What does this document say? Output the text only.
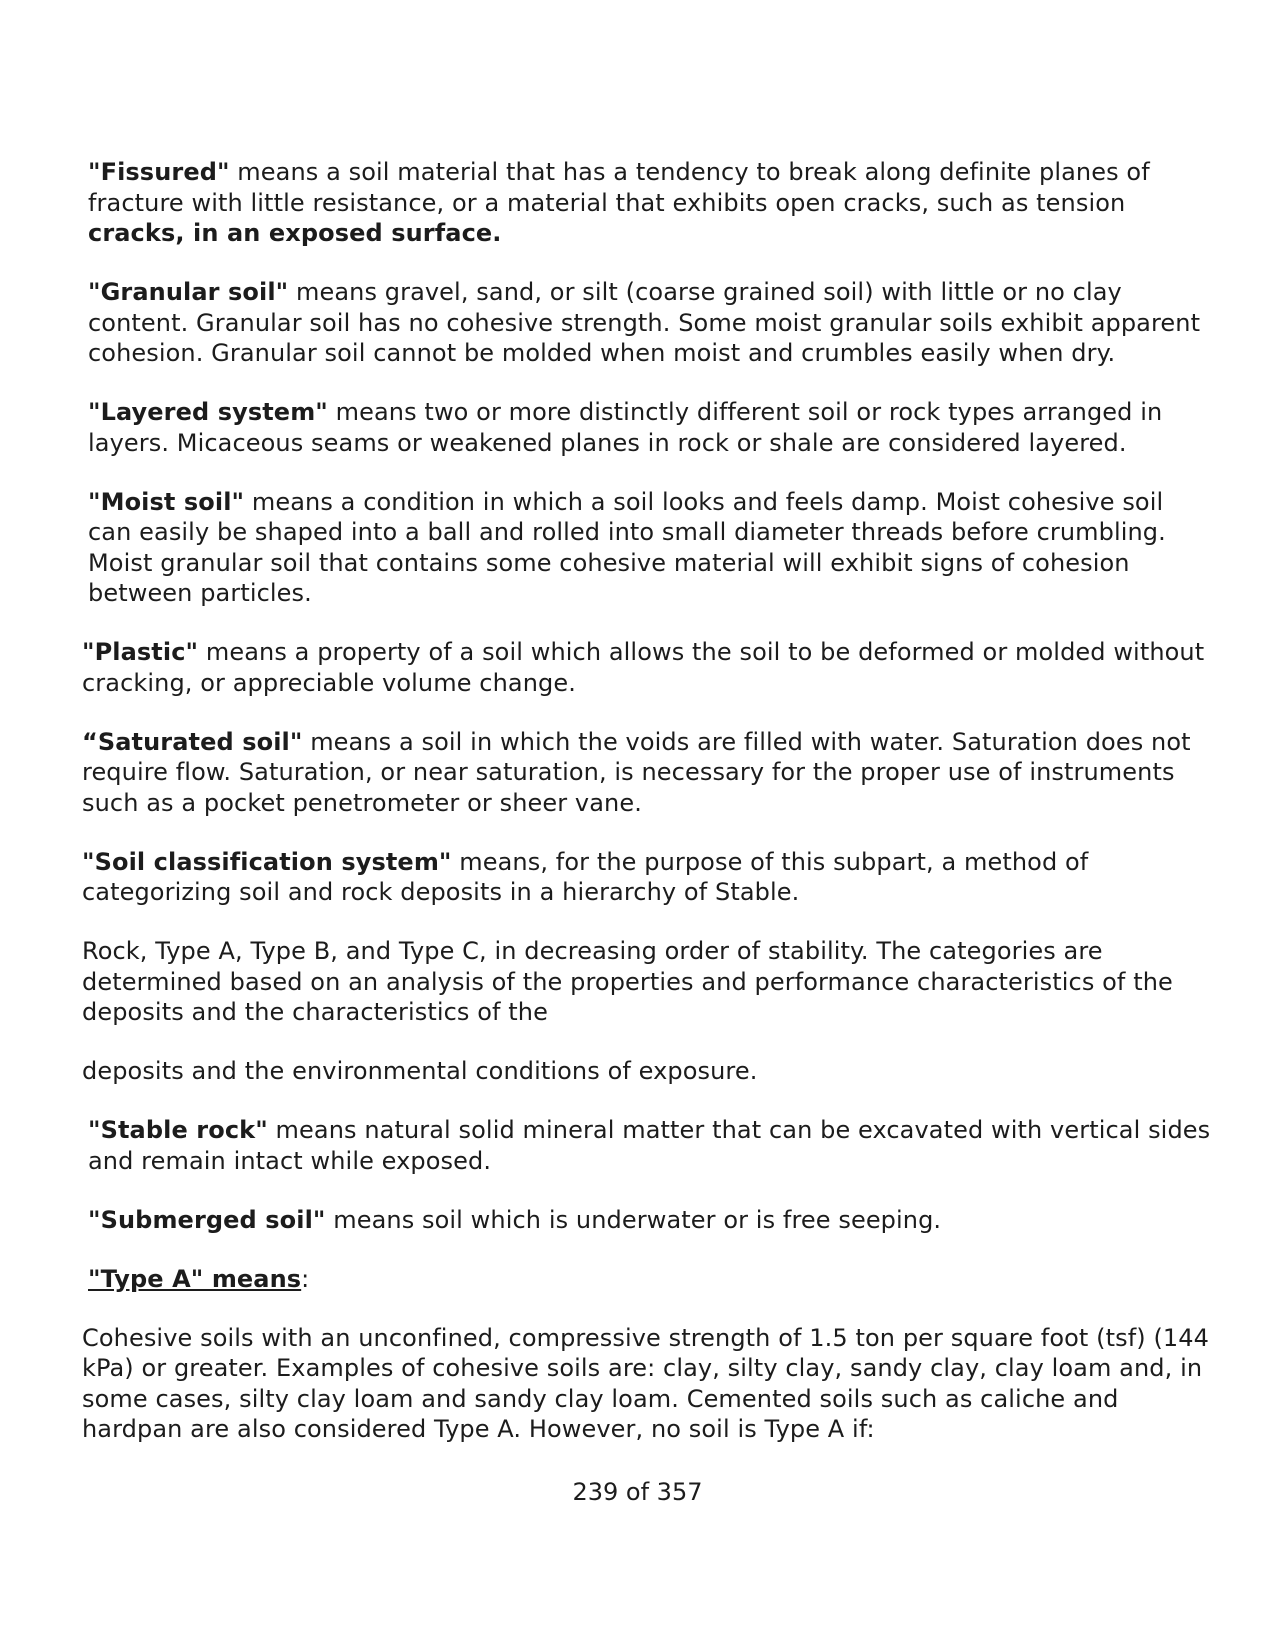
"Fissured" means a soil material that has a tendency to break along definite planes of fracture with little resistance, or a material that exhibits open cracks, such as tension cracks, in an exposed surface.

"Granular soil" means gravel, sand, or silt (coarse grained soil) with little or no clay content. Granular soil has no cohesive strength. Some moist granular soils exhibit apparent cohesion. Granular soil cannot be molded when moist and crumbles easily when dry.

"Layered system" means two or more distinctly different soil or rock types arranged in layers. Micaceous seams or weakened planes in rock or shale are considered layered.

"Moist soil" means a condition in which a soil looks and feels damp. Moist cohesive soil can easily be shaped into a ball and rolled into small diameter threads before crumbling. Moist granular soil that contains some cohesive material will exhibit signs of cohesion between particles.

"Plastic" means a property of a soil which allows the soil to be deformed or molded without cracking, or appreciable volume change.

“Saturated soil" means a soil in which the voids are filled with water. Saturation does not require flow. Saturation, or near saturation, is necessary for the proper use of instruments such as a pocket penetrometer or sheer vane.

"Soil classification system" means, for the purpose of this subpart, a method of categorizing soil and rock deposits in a hierarchy of Stable.

Rock, Type A, Type B, and Type C, in decreasing order of stability. The categories are determined based on an analysis of the properties and performance characteristics of the deposits and the characteristics of the

deposits and the environmental conditions of exposure.

"Stable rock" means natural solid mineral matter that can be excavated with vertical sides and remain intact while exposed.

"Submerged soil" means soil which is underwater or is free seeping.

"Type A" means:

Cohesive soils with an unconfined, compressive strength of 1.5 ton per square foot (tsf) (144 kPa) or greater. Examples of cohesive soils are: clay, silty clay, sandy clay, clay loam and, in some cases, silty clay loam and sandy clay loam. Cemented soils such as caliche and hardpan are also considered Type A. However, no soil is Type A if:

239 of 357
